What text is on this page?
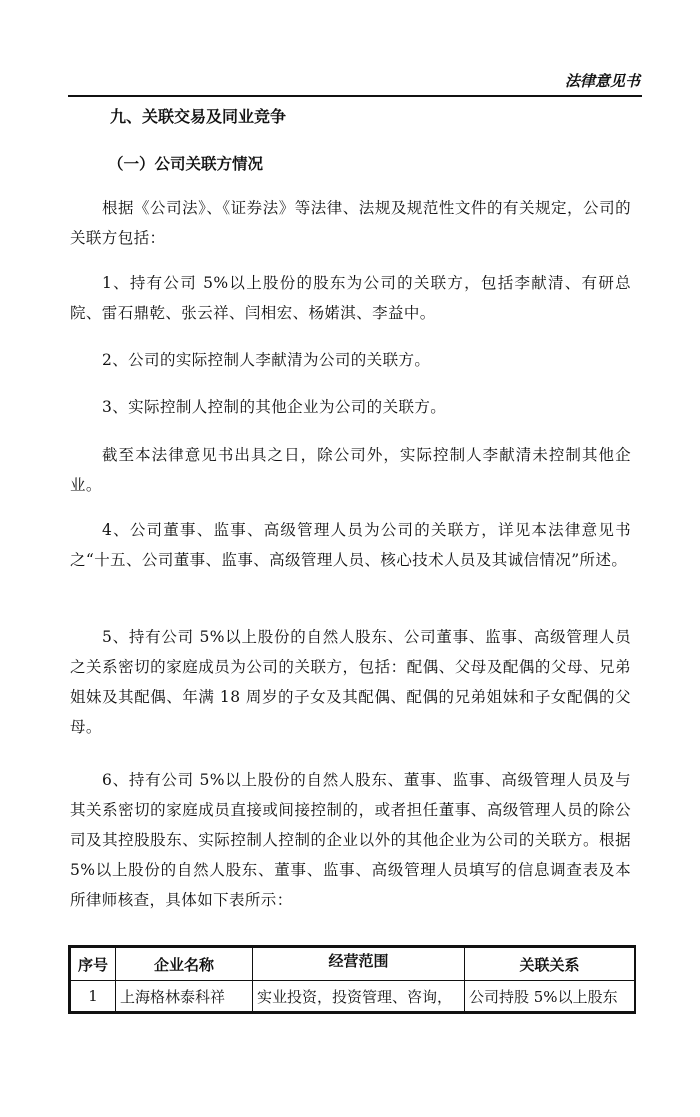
法律意见书
九、关联交易及同业竞争
（一）公司关联方情况

根据《公司法》、《证券法》等法律、法规及规范性文件的有关规定，公司的关联方包括：

1、持有公司 5%以上股份的股东为公司的关联方，包括李献清、有研总院、雷石鼎乾、张云祥、闫相宏、杨婼淇、李益中。

2、公司的实际控制人李献清为公司的关联方。

3、实际控制人控制的其他企业为公司的关联方。

截至本法律意见书出具之日，除公司外，实际控制人李献清未控制其他企业。

4、公司董事、监事、高级管理人员为公司的关联方，详见本法律意见书之“十五、公司董事、监事、高级管理人员、核心技术人员及其诚信情况”所述。

5、持有公司 5%以上股份的自然人股东、公司董事、监事、高级管理人员之关系密切的家庭成员为公司的关联方，包括：配偶、父母及配偶的父母、兄弟姐妹及其配偶、年满 18 周岁的子女及其配偶、配偶的兄弟姐妹和子女配偶的父母。

6、持有公司 5%以上股份的自然人股东、董事、监事、高级管理人员及与其关系密切的家庭成员直接或间接控制的，或者担任董事、高级管理人员的除公司及其控股股东、实际控制人控制的企业以外的其他企业为公司的关联方。根据 5%以上股份的自然人股东、董事、监事、高级管理人员填写的信息调查表及本所律师核查，具体如下表所示：

序号	企业名称	经营范围	关联关系
1	上海格林泰科祥	实业投资，投资管理、咨询，	公司持股 5%以上股东
